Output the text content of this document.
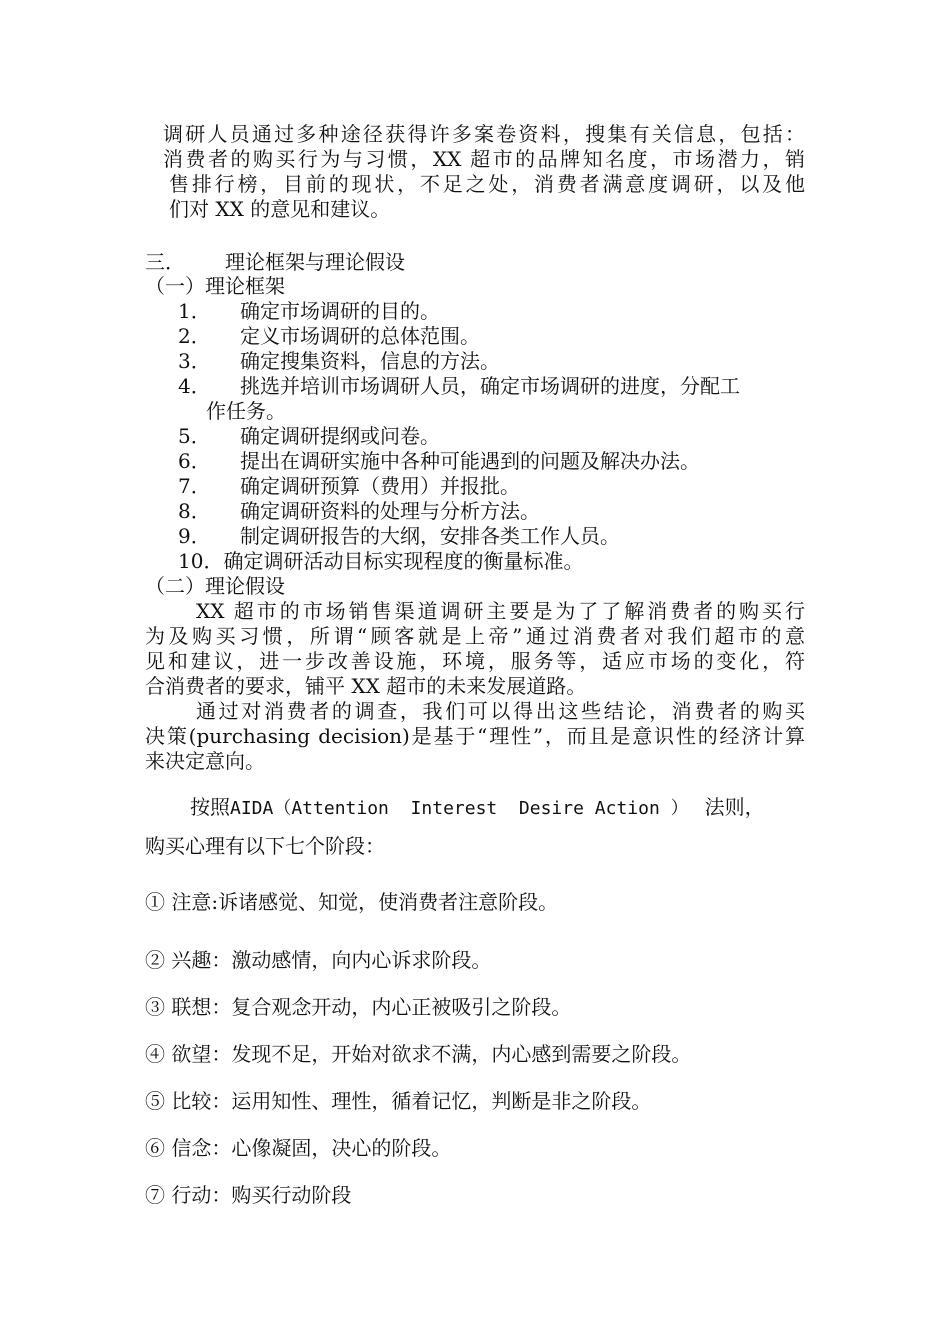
调研人员通过多种途径获得许多案卷资料，搜集有关信息，包括：
消费者的购买行为与习惯，XX 超市的品牌知名度，市场潜力，销
售排行榜，目前的现状，不足之处，消费者满意度调研，以及他
们对 XX 的意见和建议。
三． 理论框架与理论假设
（一）理论框架
1． 确定市场调研的目的。
2． 定义市场调研的总体范围。
3． 确定搜集资料，信息的方法。
4． 挑选并培训市场调研人员，确定市场调研的进度，分配工
作任务。
5． 确定调研提纲或问卷。
6． 提出在调研实施中各种可能遇到的问题及解决办法。
7． 确定调研预算（费用）并报批。
8． 确定调研资料的处理与分析方法。
9． 制定调研报告的大纲，安排各类工作人员。
10．确定调研活动目标实现程度的衡量标准。
（二）理论假设
XX 超市的市场销售渠道调研主要是为了了解消费者的购买行
为及购买习惯，所谓“顾客就是上帝”通过消费者对我们超市的意
见和建议，进一步改善设施，环境，服务等，适应市场的变化，符
合消费者的要求，铺平 XX 超市的未来发展道路。
通过对消费者的调查，我们可以得出这些结论，消费者的购买
决策(purchasing decision)是基于“理性”，而且是意识性的经济计算
来决定意向。
按照AIDA（Attention  Interest  Desire Action ） 法则，
购买心理有以下七个阶段：
① 注意:诉诸感觉、知觉，使消费者注意阶段。
② 兴趣：激动感情，向内心诉求阶段。
③ 联想：复合观念开动，内心正被吸引之阶段。
④ 欲望：发现不足，开始对欲求不满，内心感到需要之阶段。
⑤ 比较：运用知性、理性，循着记忆，判断是非之阶段。
⑥ 信念：心像凝固，决心的阶段。
⑦ 行动：购买行动阶段
